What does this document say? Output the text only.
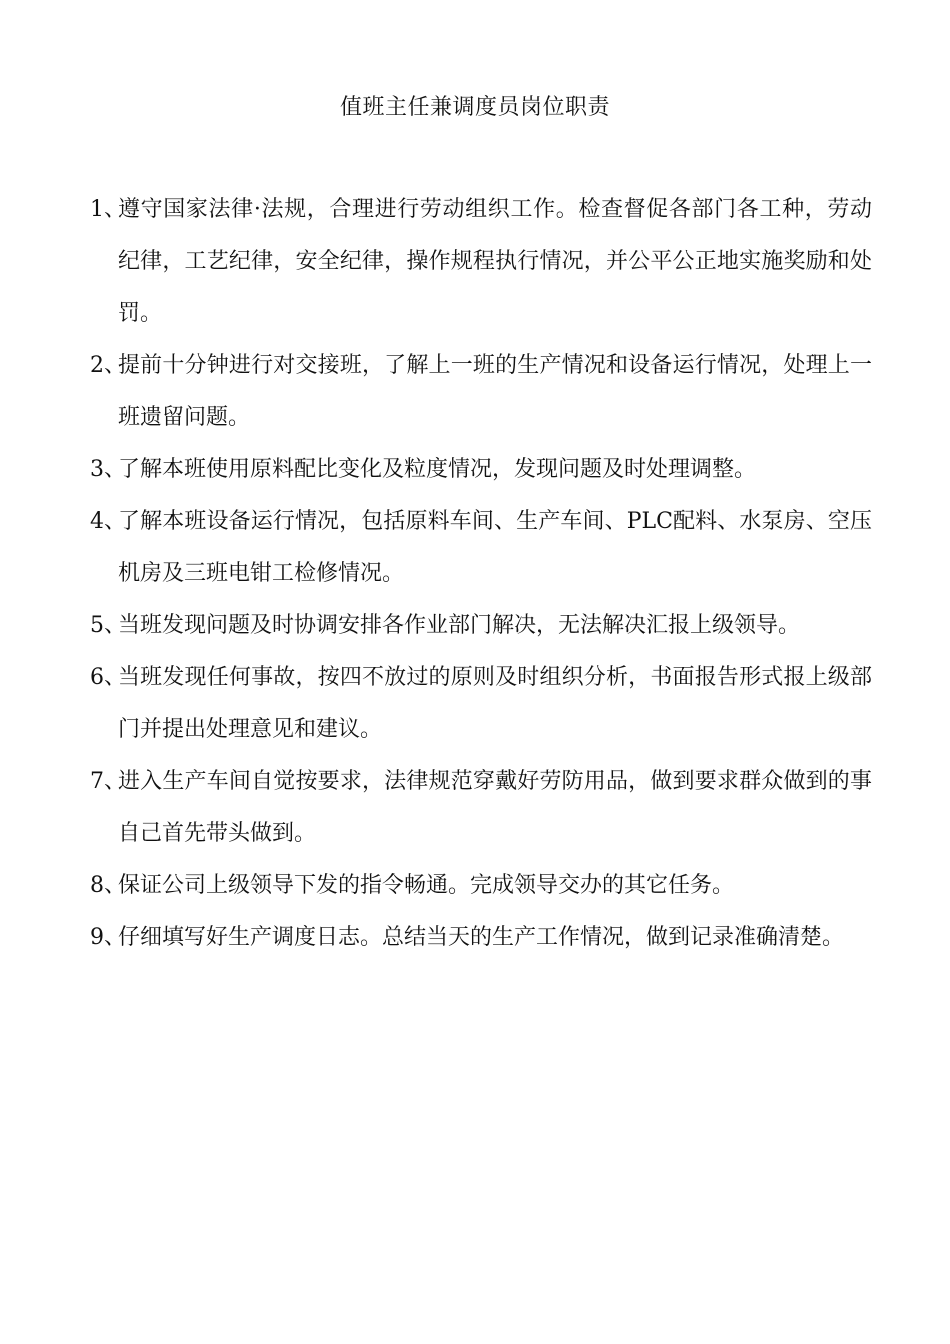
值班主任兼调度员岗位职责
1、
遵守国家法律·法规，合理进行劳动组织工作。检查督促各部门各工种，劳动纪律，工艺纪律，安全纪律，操作规程执行情况，并公平公正地实施奖励和处罚。
2、
提前十分钟进行对交接班，了解上一班的生产情况和设备运行情况，处理上一班遗留问题。
3、
了解本班使用原料配比变化及粒度情况，发现问题及时处理调整。
4、
了解本班设备运行情况，包括原料车间、生产车间、PLC配料、水泵房、空压机房及三班电钳工检修情况。
5、
当班发现问题及时协调安排各作业部门解决，无法解决汇报上级领导。
6、
当班发现任何事故，按四不放过的原则及时组织分析，书面报告形式报上级部门并提出处理意见和建议。
7、
进入生产车间自觉按要求，法律规范穿戴好劳防用品，做到要求群众做到的事自己首先带头做到。
8、
保证公司上级领导下发的指令畅通。完成领导交办的其它任务。
9、
仔细填写好生产调度日志。总结当天的生产工作情况，做到记录准确清楚。
